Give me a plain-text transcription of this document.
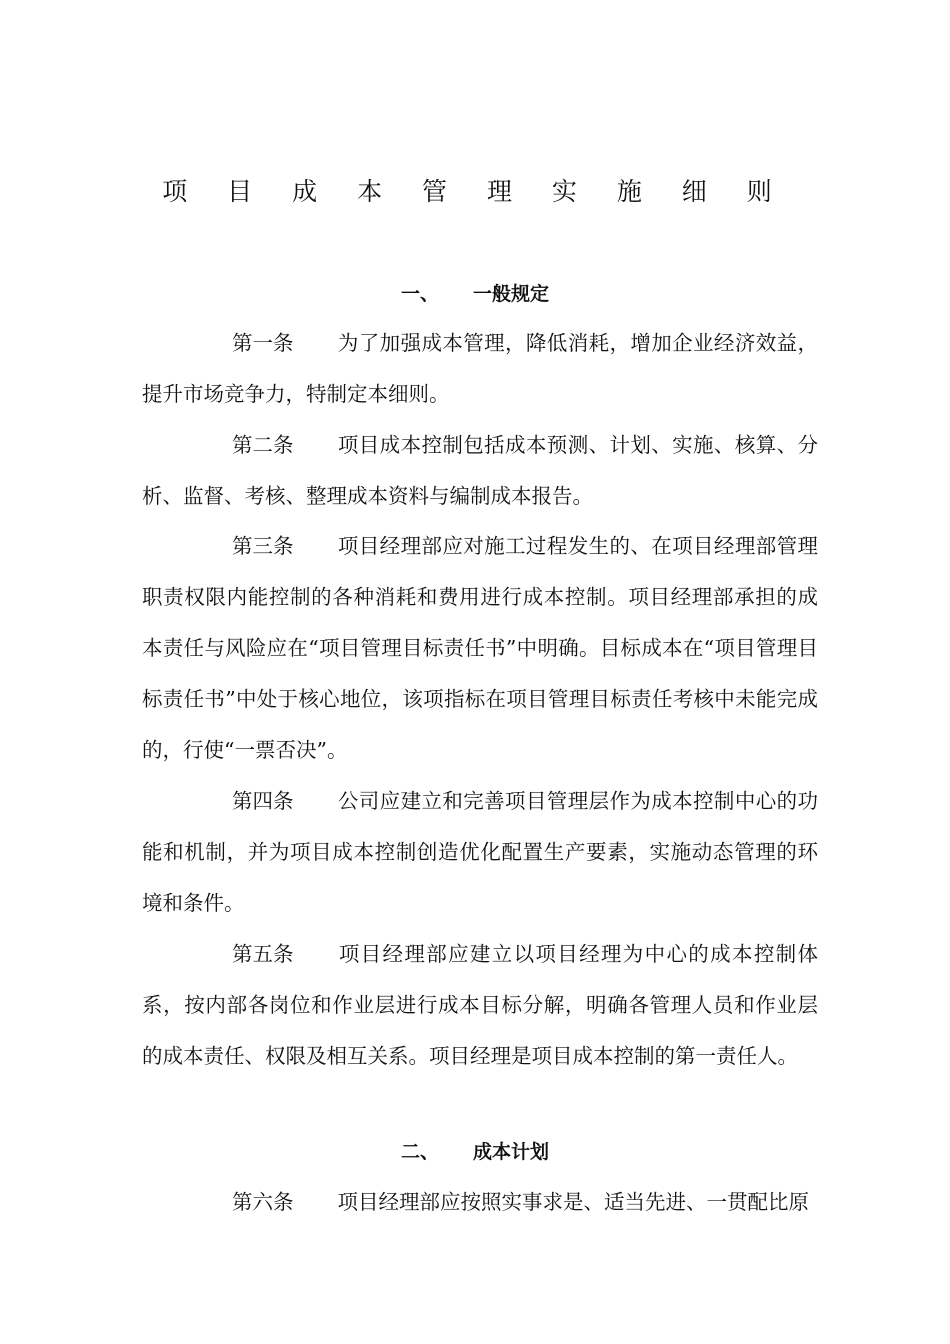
项 目 成 本 管 理 实 施 细 则
一、 一般规定

第一条 为了加强成本管理，降低消耗，增加企业经济效益，提升市场竞争力，特制定本细则。

第二条 项目成本控制包括成本预测、计划、实施、核算、分析、监督、考核、整理成本资料与编制成本报告。

第三条 项目经理部应对施工过程发生的、在项目经理部管理职责权限内能控制的各种消耗和费用进行成本控制。项目经理部承担的成本责任与风险应在“项目管理目标责任书”中明确。目标成本在“项目管理目标责任书”中处于核心地位，该项指标在项目管理目标责任考核中未能完成的，行使“一票否决”。

第四条 公司应建立和完善项目管理层作为成本控制中心的功能和机制，并为项目成本控制创造优化配置生产要素，实施动态管理的环境和条件。

第五条 项目经理部应建立以项目经理为中心的成本控制体系，按内部各岗位和作业层进行成本目标分解，明确各管理人员和作业层的成本责任、权限及相互关系。项目经理是项目成本控制的第一责任人。

二、 成本计划

第六条 项目经理部应按照实事求是、适当先进、一贯配比原
